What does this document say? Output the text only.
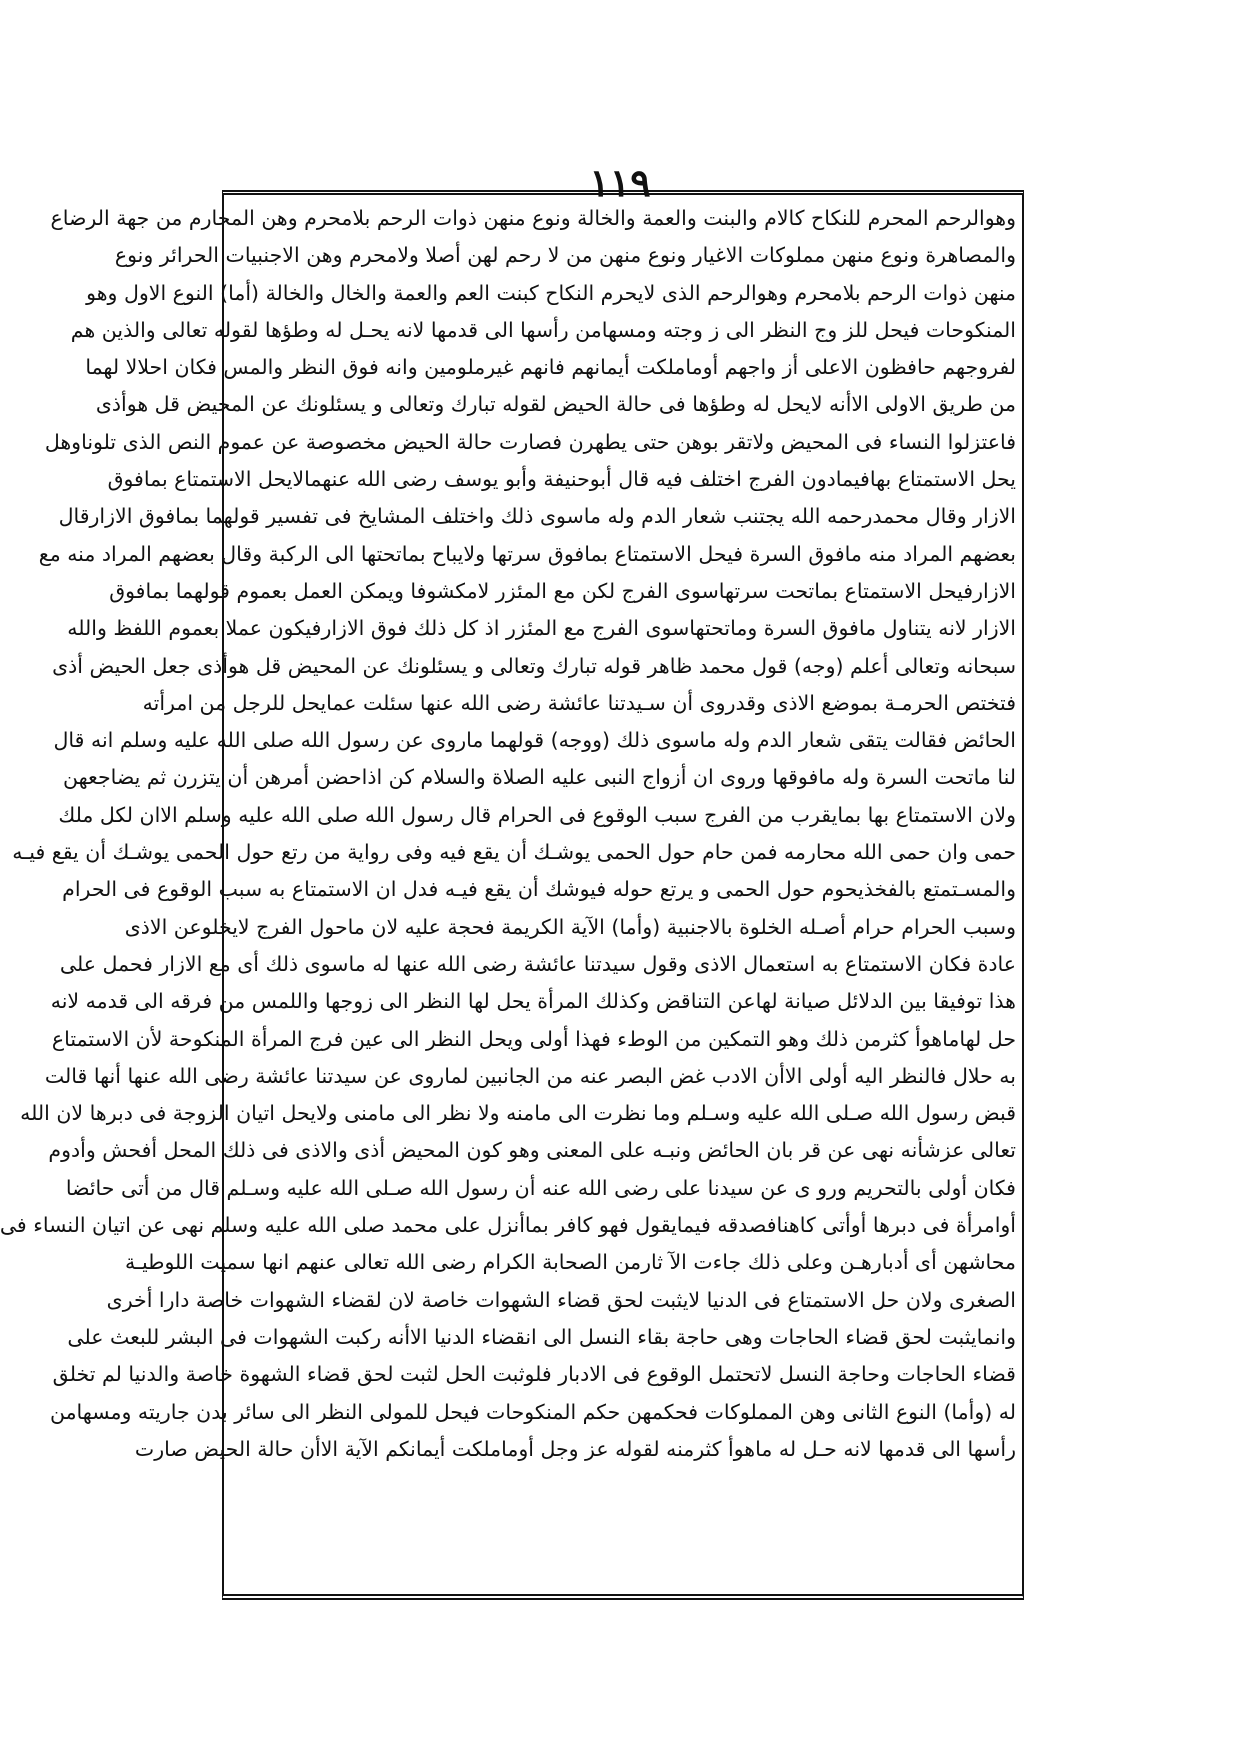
١١٩
وهوالرحم المحرم للنكاح كالام والبنت والعمة والخالة ونوع منهن ذوات الرحم بلامحرم وهن المحارم من جهة الرضاع
والمصاهرة ونوع منهن مملوكات الاغيار ونوع منهن من لا رحم لهن أصلا ولامحرم وهن الاجنبيات الحرائر ونوع
منهن ذوات الرحم بلامحرم وهوالرحم الذى لايحرم النكاح كبنت العم والعمة والخال والخالة (أما) النوع الاول وهو
المنكوحات فيحل للز وج النظر الى ز وجته ومسهامن رأسها الى قدمها لانه يحـل له وطؤها لقوله تعالى والذين هم
لفروجهم حافظون الاعلى أز واجهم أوماملكت أيمانهم فانهم غيرملومين وانه فوق النظر والمس فكان احلالا لهما
من طريق الاولى الاأنه لايحل له وطؤها فى حالة الحيض لقوله تبارك وتعالى و يسئلونك عن المحيض قل هوأذى
فاعتزلوا النساء فى المحيض ولاتقر بوهن حتى يطهرن فصارت حالة الحيض مخصوصة عن عموم النص الذى تلوناوهل
يحل الاستمتاع بهافيمادون الفرج اختلف فيه قال أبوحنيفة وأبو يوسف رضى الله عنهمالايحل الاستمتاع بمافوق
الازار وقال محمدرحمه الله يجتنب شعار الدم وله ماسوى ذلك واختلف المشايخ فى تفسير قولهما بمافوق الازارقال
بعضهم المراد منه مافوق السرة فيحل الاستمتاع بمافوق سرتها ولايباح بماتحتها الى الركبة وقال بعضهم المراد منه مع
الازارفيحل الاستمتاع بماتحت سرتهاسوى الفرج لكن مع المئزر لامكشوفا ويمكن العمل بعموم قولهما بمافوق
الازار لانه يتناول مافوق السرة وماتحتهاسوى الفرج مع المئزر اذ كل ذلك فوق الازارفيكون عملا بعموم اللفظ والله
سبحانه وتعالى أعلم (وجه) قول محمد ظاهر قوله تبارك وتعالى و يسئلونك عن المحيض قل هوأذى جعل الحيض أذى
فتختص الحرمـة بموضع الاذى وقدروى أن سـيدتنا عائشة رضى الله عنها سئلت عمايحل للرجل من امرأته
الحائض فقالت يتقى شعار الدم وله ماسوى ذلك (ووجه) قولهما ماروى عن رسول الله صلى الله عليه وسلم انه قال
لنا ماتحت السرة وله مافوقها وروى ان أزواج النبى عليه الصلاة والسلام كن اذاحضن أمرهن أن يتزرن ثم يضاجعهن
ولان الاستمتاع بها بمايقرب من الفرج سبب الوقوع فى الحرام قال رسول الله صلى الله عليه وسلم الاان لكل ملك
حمى وان حمى الله محارمه فمن حام حول الحمى يوشـك أن يقع فيه وفى رواية من رتع حول الحمى يوشـك أن يقع فيـه
والمسـتمتع بالفخذيحوم حول الحمى و يرتع حوله فيوشك أن يقع فيـه فدل ان الاستمتاع به سبب الوقوع فى الحرام
وسبب الحرام حرام أصـله الخلوة بالاجنبية (وأما) الآية الكريمة فحجة عليه لان ماحول الفرج لايخلوعن الاذى
عادة فكان الاستمتاع به استعمال الاذى وقول سيدتنا عائشة رضى الله عنها له ماسوى ذلك أى مع الازار فحمل على
هذا توفيقا بين الدلائل صيانة لهاعن التناقض وكذلك المرأة يحل لها النظر الى زوجها واللمس من فرقه الى قدمه لانه
حل لهاماهوأ كثرمن ذلك وهو التمكين من الوطء فهذا أولى ويحل النظر الى عين فرج المرأة المنكوحة لأن الاستمتاع
به حلال فالنظر اليه أولى الاأن الادب غض البصر عنه من الجانبين لماروى عن سيدتنا عائشة رضى الله عنها أنها قالت
قبض رسول الله صـلى الله عليه وسـلم وما نظرت الى مامنه ولا نظر الى مامنى ولايحل اتيان الزوجة فى دبرها لان الله
تعالى عزشأنه نهى عن قر بان الحائض ونبـه على المعنى وهو كون المحيض أذى والاذى فى ذلك المحل أفحش وأدوم
فكان أولى بالتحريم ورو ى عن سيدنا على رضى الله عنه أن رسول الله صـلى الله عليه وسـلم قال من أتى حائضا
أوامرأة فى دبرها أوأتى كاهنافصدقه فيمايقول فهو كافر بماأنزل على محمد صلى الله عليه وسلم نهى عن اتيان النساء فى
محاشهن أى أدبارهـن وعلى ذلك جاءت الآ ثارمن الصحابة الكرام رضى الله تعالى عنهم انها سميت اللوطيـة
الصغرى ولان حل الاستمتاع فى الدنيا لايثبت لحق قضاء الشهوات خاصة لان لقضاء الشهوات خاصة دارا أخرى
وانمايثبت لحق قضاء الحاجات وهى حاجة بقاء النسل الى انقضاء الدنيا الاأنه ركبت الشهوات فى البشر للبعث على
قضاء الحاجات وحاجة النسل لاتحتمل الوقوع فى الادبار فلوثبت الحل لثبت لحق قضاء الشهوة خاصة والدنيا لم تخلق
له (وأما) النوع الثانى وهن المملوكات فحكمهن حكم المنكوحات فيحل للمولى النظر الى سائر بدن جاريته ومسهامن
رأسها الى قدمها لانه حـل له ماهوأ كثرمنه لقوله عز وجل أوماملكت أيمانكم الآية الاأن حالة الحيض صارت
